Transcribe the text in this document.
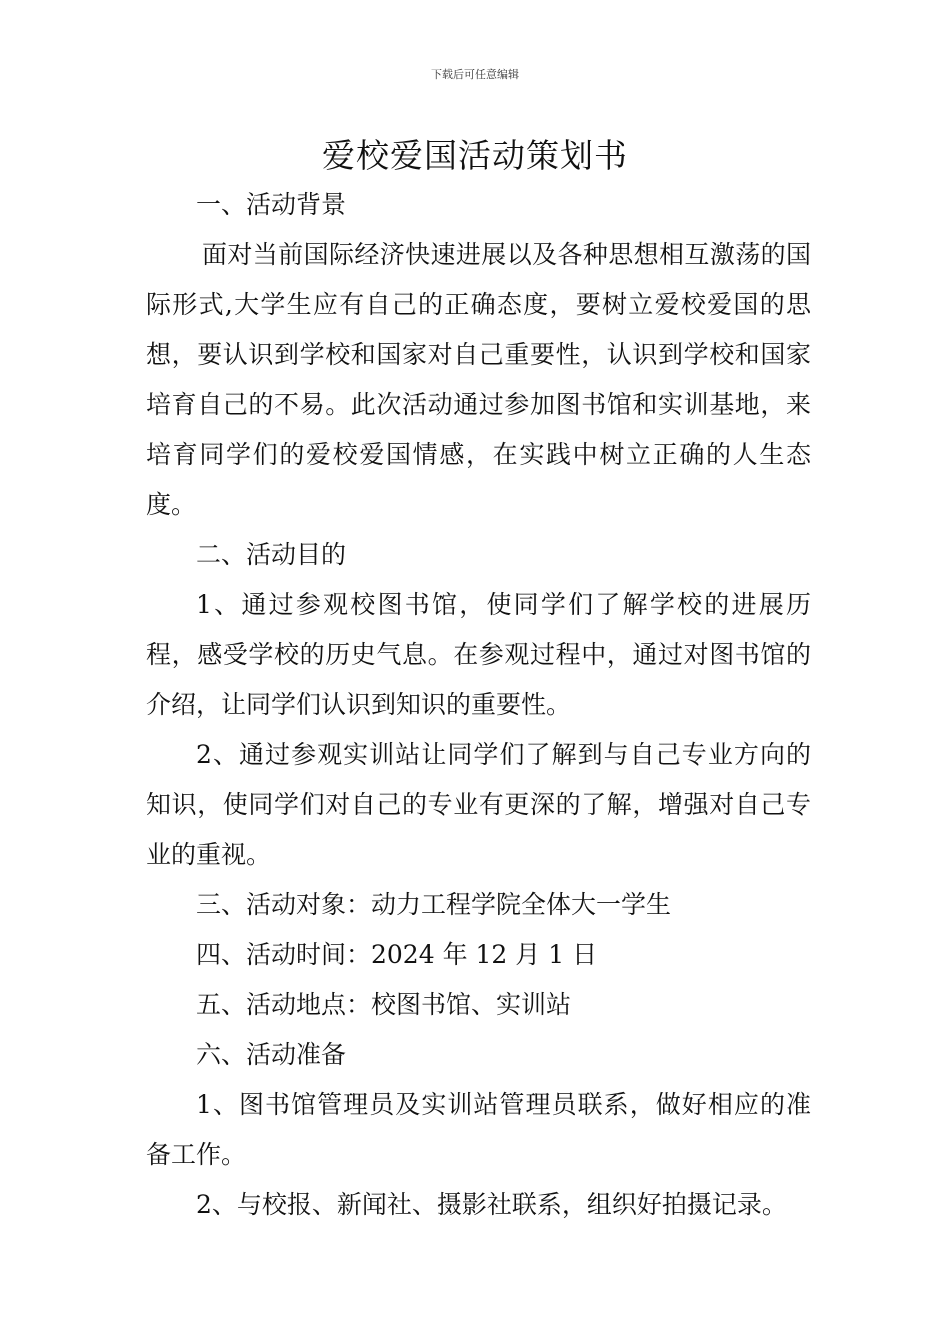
下载后可任意编辑
爱校爱国活动策划书

一、活动背景

面对当前国际经济快速进展以及各种思想相互激荡的国际形式,大学生应有自己的正确态度，要树立爱校爱国的思想，要认识到学校和国家对自己重要性，认识到学校和国家培育自己的不易。此次活动通过参加图书馆和实训基地，来培育同学们的爱校爱国情感，在实践中树立正确的人生态度。

二、活动目的

1、通过参观校图书馆，使同学们了解学校的进展历程，感受学校的历史气息。在参观过程中，通过对图书馆的介绍，让同学们认识到知识的重要性。

2、通过参观实训站让同学们了解到与自己专业方向的知识，使同学们对自己的专业有更深的了解，增强对自己专业的重视。

三、活动对象：动力工程学院全体大一学生

四、活动时间：2024 年 12 月 1 日

五、活动地点：校图书馆、实训站

六、活动准备

1、图书馆管理员及实训站管理员联系，做好相应的准备工作。

2、与校报、新闻社、摄影社联系，组织好拍摄记录。
